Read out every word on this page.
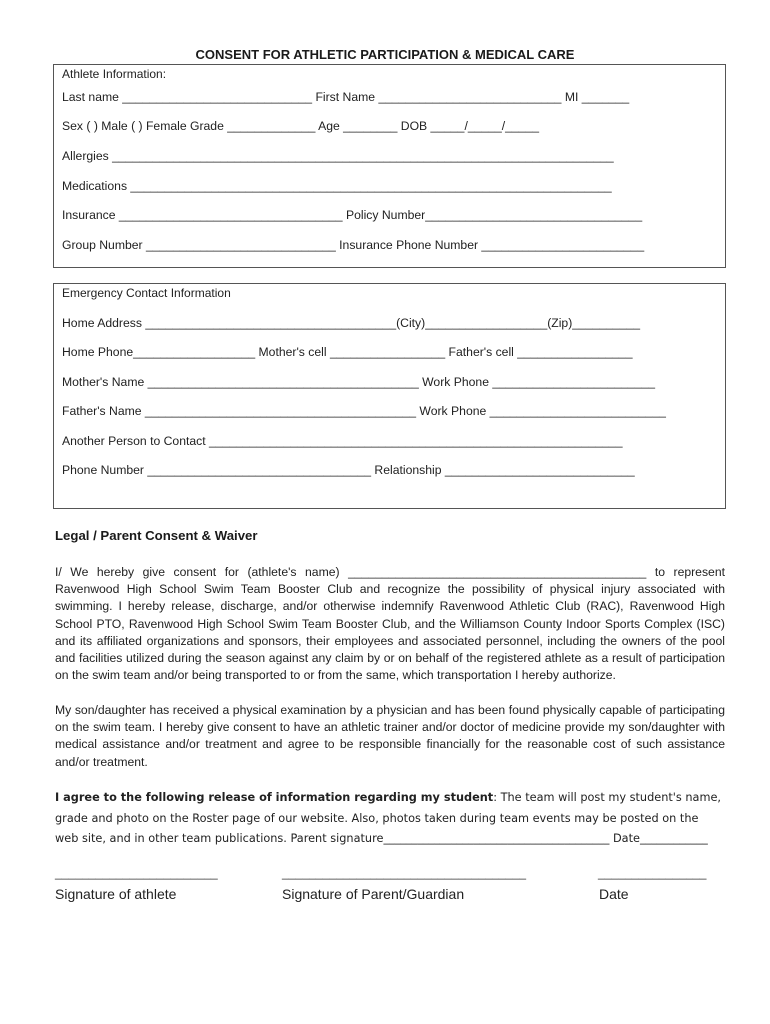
CONSENT FOR ATHLETIC PARTICIPATION & MEDICAL CARE
Athlete Information:
Last name ____________________________ First Name ___________________________ MI _______
Sex ( ) Male ( ) Female Grade _____________ Age ________ DOB _____/_____/_____
Allergies __________________________________________________________________________
Medications _______________________________________________________________________
Insurance _________________________________ Policy Number________________________________
Group Number ____________________________ Insurance Phone Number ________________________
Emergency Contact Information
Home Address _____________________________________(City)__________________(Zip)__________
Home Phone__________________ Mother's cell _________________ Father's cell _________________
Mother's Name ________________________________________ Work Phone ________________________
Father's Name ________________________________________ Work Phone __________________________
Another Person to Contact _____________________________________________________________
Phone Number _________________________________ Relationship ____________________________
Legal / Parent Consent & Waiver

I/ We hereby give consent for (athlete's name) ____________________________________________ to represent Ravenwood High School Swim Team Booster Club and recognize the possibility of physical injury associated with swimming. I hereby release, discharge, and/or otherwise indemnify Ravenwood Athletic Club (RAC), Ravenwood High School PTO, Ravenwood High School Swim Team Booster Club, and the Williamson County Indoor Sports Complex (ISC) and its affiliated organizations and sponsors, their employees and associated personnel, including the owners of the pool and facilities utilized during the season against any claim by or on behalf of the registered athlete as a result of participation on the swim team and/or being transported to or from the same, which transportation I hereby authorize.

My son/daughter has received a physical examination by a physician and has been found physically capable of participating on the swim team. I hereby give consent to have an athletic trainer and/or doctor of medicine provide my son/daughter with medical assistance and/or treatment and agree to be responsible financially for the reasonable cost of such assistance and/or treatment.

I agree to the following release of information regarding my student: The team will post my student's name, grade and photo on the Roster page of our website. Also, photos taken during team events may be posted on the web site, and in other team publications. Parent signature________________________________________ Date____________

________________________	____________________________________	________________
Signature of athlete	Signature of Parent/Guardian	Date
